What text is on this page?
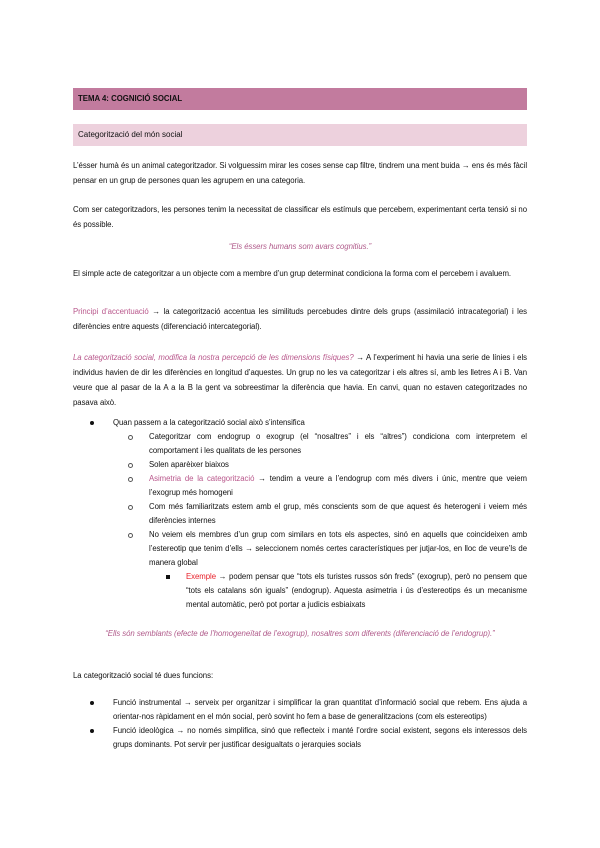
TEMA 4: COGNICIÓ SOCIAL
Categorització del món social

L’ésser humà és un animal categoritzador. Si volguessim mirar les coses sense cap filtre, tindrem una ment buida → ens és més fàcil pensar en un grup de persones quan les agrupem en una categoria.

Com ser categoritzadors, les persones tenim la necessitat de classificar els estímuls que percebem, experimentant certa tensió si no és possible.

“Els éssers humans som avars cognitius.”

El simple acte de categoritzar a un objecte com a membre d’un grup determinat condiciona la forma com el percebem i avaluem.

Principi d’accentuació → la categorització accentua les similituds percebudes dintre dels grups (assimilació intracategorial) i les diferències entre aquests (diferenciació intercategorial).

La categorització social, modifica la nostra percepció de les dimensions físiques? → A l’experiment hi havia una serie de línies i els individus havien de dir les diferències en longitud d’aquestes. Un grup no les va categoritzar i els altres sí, amb les lletres A i B. Van veure que al pasar de la A a la B la gent va sobreestimar la diferència que havia. En canvi, quan no estaven categoritzades no pasava això.

Quan passem a la categorització social això s’intensifica
Categoritzar com endogrup o exogrup (el “nosaltres” i els “altres”) condiciona com interpretem el comportament i les qualitats de les persones
Solen aparèixer biaixos
Asimetria de la categorització → tendim a veure a l’endogrup com més divers i únic, mentre que veiem l’exogrup més homogeni
Com més familiaritzats estem amb el grup, més conscients som de que aquest és heterogeni i veiem més diferències internes
No veiem els membres d’un grup com similars en tots els aspectes, sinó en aquells que coincideixen amb l’estereotip que tenim d’ells → seleccionem només certes característiques per jutjar-los, en lloc de veure’ls de manera global
Exemple → podem pensar que “tots els turistes russos són freds” (exogrup), però no pensem que “tots els catalans són iguals” (endogrup). Aquesta asimetria i ús d’estereotips és un mecanisme mental automàtic, però pot portar a judicis esbiaixats

“Ells són semblants (efecte de l’homogeneïtat de l’exogrup), nosaltres som diferents (diferenciació de l’endogrup).”

La categorització social té dues funcions:

Funció instrumental → serveix per organitzar i simplificar la gran quantitat d’informació social que rebem. Ens ajuda a orientar-nos ràpidament en el món social, però sovint ho fem a base de generalitzacions (com els estereotips)
Funció ideològica → no només simplifica, sinó que reflecteix i manté l’ordre social existent, segons els interessos dels grups dominants. Pot servir per justificar desigualtats o jerarquies socials
